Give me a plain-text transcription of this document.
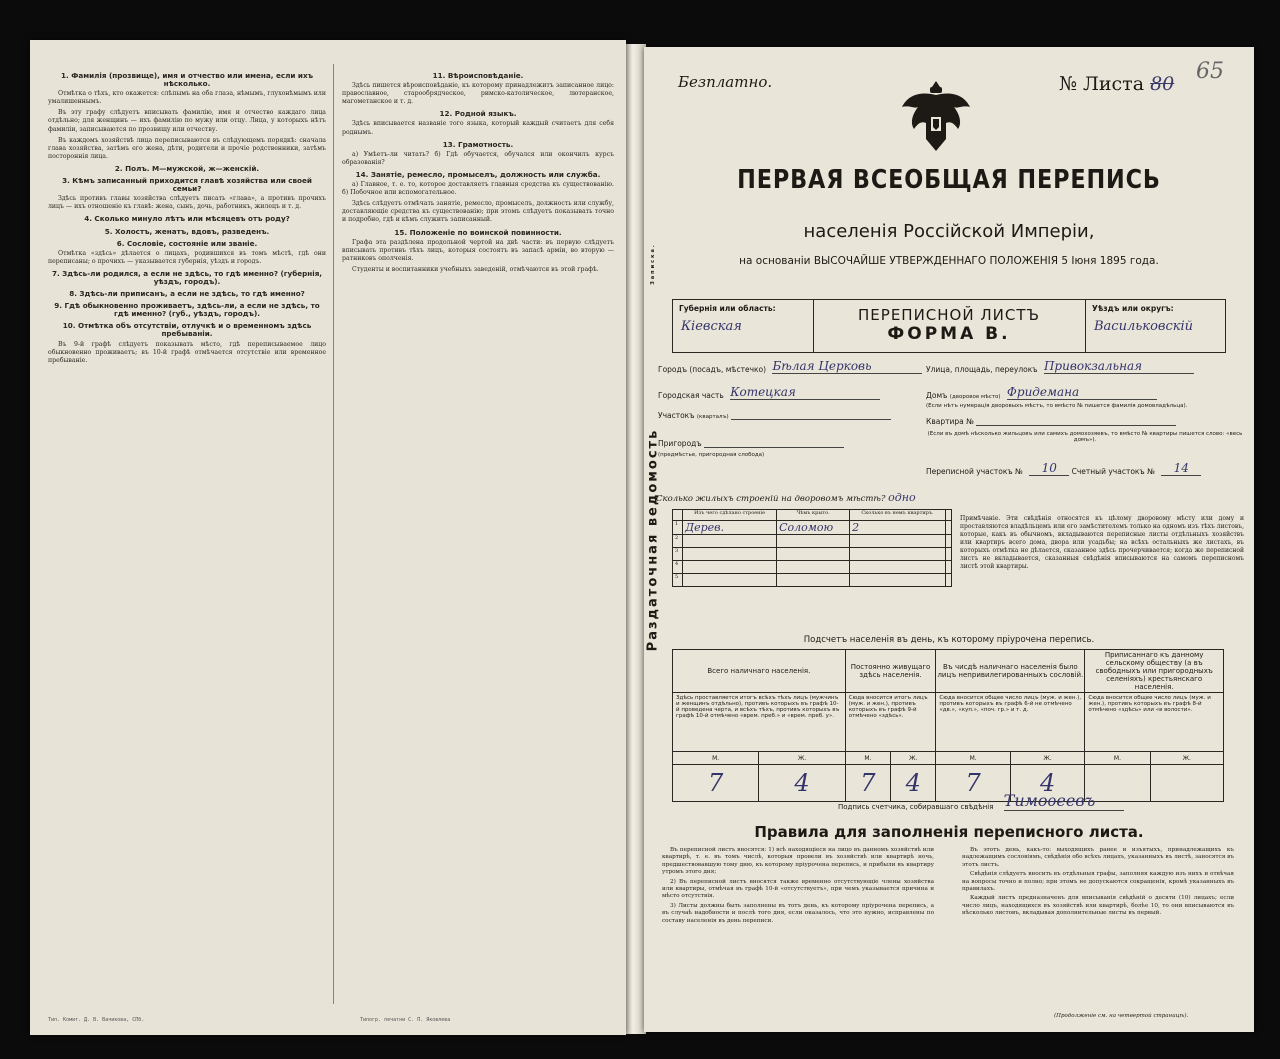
1. Фамилія (прозвище), имя и отчество или имена, если ихъ нѣсколько.

Отмѣтка о тѣхъ, кто окажется: слѣпымъ на оба глаза, нѣмымъ, глухонѣмымъ или умалишеннымъ.

Въ эту графу слѣдуетъ вписывать фамилію, имя и отчество каждаго лица отдѣльно; для женщинъ — ихъ фамилію по мужу или отцу. Лица, у которыхъ нѣтъ фамиліи, записываются по прозвищу или отчеству.

Въ каждомъ хозяйствѣ лица переписываются въ слѣдующемъ порядкѣ: сначала глава хозяйства, затѣмъ его жена, дѣти, родители и прочіе родственники, затѣмъ постороннія лица.

2. Полъ. М—мужской, ж—женскій.
3. Кѣмъ записанный приходится главѣ хозяйства или своей семьи?

Здѣсь противъ главы хозяйства слѣдуетъ писать «глава», а противъ прочихъ лицъ — ихъ отношеніе къ главѣ: жена, сынъ, дочь, работникъ, жилецъ и т. д.

4. Сколько минуло лѣтъ или мѣсяцевъ отъ роду?
5. Холостъ, женатъ, вдовъ, разведенъ.
6. Сословіе, состояніе или званіе.

Отмѣтка «здѣсь» дѣлается о лицахъ, родившихся въ томъ мѣстѣ, гдѣ они переписаны; о прочихъ — указывается губернія, уѣздъ и городъ.

7. Здѣсь-ли родился, а если не здѣсь, то гдѣ именно? (губернія, уѣздъ, городъ).
8. Здѣсь-ли приписанъ, а если не здѣсь, то гдѣ именно?
9. Гдѣ обыкновенно проживаетъ, здѣсь-ли, а если не здѣсь, то гдѣ именно? (губ., уѣздъ, городъ).
10. Отмѣтка объ отсутствіи, отлучкѣ и о временномъ здѣсь пребываніи.

Въ 9-й графѣ слѣдуетъ показывать мѣсто, гдѣ переписываемое лицо обыкновенно проживаетъ; въ 10-й графѣ отмѣчается отсутствіе или временное пребываніе.

11. Вѣроисповѣданіе.

Здѣсь пишется вѣроисповѣданіе, къ которому принадлежитъ записанное лицо: православное, старообрядческое, римско-католическое, лютеранское, магометанское и т. д.

12. Родной языкъ.

Здѣсь вписывается названіе того языка, который каждый считаетъ для себя роднымъ.

13. Грамотность.

а) Умѣетъ-ли читать? б) Гдѣ обучается, обучался или окончилъ курсъ образованія?

14. Занятіе, ремесло, промыселъ, должность или служба.

а) Главное, т. е. то, которое доставляетъ главныя средства къ существованію. б) Побочное или вспомогательное.

Здѣсь слѣдуетъ отмѣчать занятіе, ремесло, промыселъ, должность или службу, доставляющіе средства къ существованію; при этомъ слѣдуетъ показывать точно и подробно, гдѣ и кѣмъ служитъ записанный.

15. Положеніе по воинской повинности.

Графа эта раздѣлена продольной чертой на двѣ части: въ первую слѣдуетъ вписывать противъ тѣхъ лицъ, которыя состоятъ въ запасѣ арміи, во вторую — ратниковъ ополченія.

Студенты и воспитанники учебныхъ заведеній, отмѣчаются въ этой графѣ.

Тип. Комит. Д. В. Вачикова, СПб.	Типогр. печатни С. П. Яковлева
Записка.
Раздаточная ведомость
Безплатно.	№ Листа 80 65
ПЕРВАЯ ВСЕОБЩАЯ ПЕРЕПИСЬ
населенія Россійской Имперіи,
на основаніи ВЫСОЧАЙШЕ УТВЕРЖДЕННАГО ПОЛОЖЕНІЯ 5 Іюня 1895 года.
Губернія или область:
Кіевская
ПЕРЕПИСНОЙ ЛИСТЪ
ФОРМА В.
Уѣздъ или округъ:
Васильковскій
Городъ (посадъ, мѣстечко) Бѣлая Церковь	Улица, площадь, переулокъ Привокзальная
Городская часть Котецкая	Домъ (дворовое мѣсто) Фридемана
(Если нѣтъ нумерація дворовыхъ мѣстъ, то вмѣсто № пишется фамилія домовладѣльца).
Участокъ (кварталъ)	Квартира №
(Если въ домѣ нѣсколько жильцовъ или самихъ домохозяевъ, то вмѣсто № квартиры пишется слово: «весь домъ»).
Пригородъ
(предмѣстье, пригородная слобода)
Переписной участокъ № 10 Счетный участокъ № 14
Сколько жилыхъ строеній на дворовомъ мѣстѣ? одно
	Изъ чего сдѣлано строеніе	Чѣмъ крыто.	Сколько въ немъ квартиръ.	
1	Дерев.	Соломою	2	
2				
3				
4				
5				
Примѣчаніе. Эти свѣдѣнія относятся къ цѣлому дворовому мѣсту или дому и проставляются владѣльцемъ или его замѣстителемъ только на одномъ изъ тѣхъ листовъ, которые, какъ въ обычномъ, вкладываются переписные листы отдѣльныхъ хозяйствъ или квартиръ всего дома, двора или усадьбы; на всѣхъ остальныхъ же листахъ, въ которыхъ отмѣтка не дѣлается, сказанное здѣсь прочерчивается; когда же переписной листъ не вкладывается, сказанныя свѣдѣнія вписываются на самомъ переписномъ листѣ этой квартиры.
Подсчетъ населенія въ день, къ которому пріурочена перепись.
Всего наличнаго населенія.		Постоянно живущаго здѣсь населенія.		Въ чисдѣ наличнаго населенія было лицъ непривилегированныхъ сословій.		Приписаннаго къ данному сельскому обществу (а въ свободныхъ или пригородныхъ селеніяхъ) крестьянскаго населенія.	
Здѣсь проставляется итогъ всѣхъ тѣхъ лицъ (мужчинъ и женщинъ отдѣльно), противъ которыхъ въ графѣ 10-й проведена черта, и всѣхъ тѣхъ, противъ которыхъ въ графѣ 10-й отмѣчено «врем. преб.» и «врем. преб. у».		Сюда вносится итогъ лицъ (муж. и жен.), противъ которыхъ въ графѣ 9-й отмѣчено «здѣсь».		Сюда вносится общее число лицъ (муж. и жен.), противъ которыхъ въ графѣ 6-й не отмѣчено «дв.», «куп.», «поч. гр.» и т. д.		Сюда вносится общее число лицъ (муж. и жен.), противъ которыхъ въ графѣ 8-й отмѣчено «здѣсь» или «в волости».	
М.	Ж.	М.	Ж.	М.	Ж.	М.	Ж.
7	4	7	4	7	4		
Подпись счетчика, собиравшаго свѣдѣнія Тимоѳеевъ
Правила для заполненія переписного листа.

Въ переписной листъ вносятся: 1) всѣ находящіеся на лицо въ данномъ хозяйствѣ или квартирѣ, т. е. въ томъ числѣ, которыя провели въ хозяйствѣ или квартирѣ ночь, предшествовавшую тому дню, къ которому пріурочена перепись, и прибыли въ квартиру утромъ этого дня;

2) Въ переписной листъ вносятся также временно отсутствующіе члены хозяйства или квартиры, отмѣчая въ графѣ 10-й «отсутствуетъ», при чемъ указывается причина и мѣсто отсутствія.

3) Листы должны быть заполнены въ тотъ день, къ которому пріурочена перепись, а въ случаѣ надобности и послѣ того дня, если оказалось, что это нужно, исправлены по составу населенія въ день переписи.

Въ этотъ день, какъ-то: выходящихъ ранее и изъятыхъ, принадлежащихъ къ надлежащимъ сословіямъ, свѣдѣнія обо всѣхъ лицахъ, указанныхъ въ листѣ, заносятся въ этотъ листъ.

Свѣдѣнія слѣдуетъ вносить въ отдѣльныя графы, заполняя каждую изъ нихъ и отвѣчая на вопросы точно и полно; при этомъ не допускаются сокращенія, кромѣ указанныхъ въ правилахъ.

Каждый листъ предназначенъ для вписыванія свѣдѣній о десяти (10) лицахъ; если число лицъ, находящихся въ хозяйствѣ или квартирѣ, болѣе 10, то они вписываются въ нѣсколько листовъ, вкладывая дополнительные листы въ первый.

(Продолженіе см. на четвертой страницѣ).
